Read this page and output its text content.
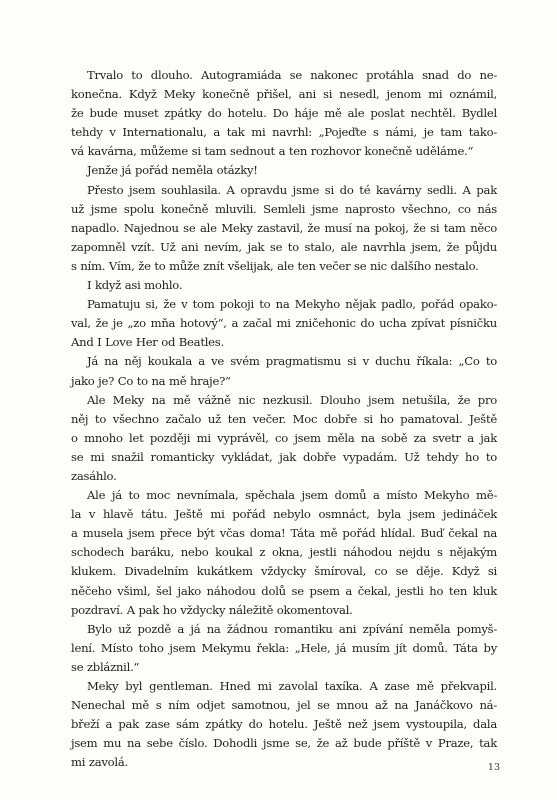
Trvalo to dlouho. Autogramiáda se nakonec protáhla snad do ne-
konečna. Když Meky konečně přišel, ani si nesedl, jenom mi oznámil,
že bude muset zpátky do hotelu. Do háje mě ale poslat nechtěl. Bydlel
tehdy v Internationalu, a tak mi navrhl: „Pojeďte s námi, je tam tako-
vá kavárna, můžeme si tam sednout a ten rozhovor konečně uděláme.“

Jenže já pořád neměla otázky!

Přesto jsem souhlasila. A opravdu jsme si do té kavárny sedli. A pak
už jsme spolu konečně mluvili. Semleli jsme naprosto všechno, co nás
napadlo. Najednou se ale Meky zastavil, že musí na pokoj, že si tam něco
zapomněl vzít. Už ani nevím, jak se to stalo, ale navrhla jsem, že půjdu
s ním. Vím, že to může znít všelijak, ale ten večer se nic dalšího nestalo.

I když asi mohlo.

Pamatuju si, že v tom pokoji to na Mekyho nějak padlo, pořád opako-
val, že je „zo mňa hotový“, a začal mi zničehonic do ucha zpívat písničku
And I Love Her od Beatles.

Já na něj koukala a ve svém pragmatismu si v duchu říkala: „Co to
jako je? Co to na mě hraje?“

Ale Meky na mě vážně nic nezkusil. Dlouho jsem netušila, že pro
něj to všechno začalo už ten večer. Moc dobře si ho pamatoval. Ještě
o mnoho let později mi vyprávěl, co jsem měla na sobě za svetr a jak
se mi snažil romanticky vykládat, jak dobře vypadám. Už tehdy ho to
zasáhlo.

Ale já to moc nevnímala, spěchala jsem domů a místo Mekyho mě-
la v hlavě tátu. Ještě mi pořád nebylo osmnáct, byla jsem jedináček
a musela jsem přece být včas doma! Táta mě pořád hlídal. Buď čekal na
schodech baráku, nebo koukal z okna, jestli náhodou nejdu s nějakým
klukem. Divadelním kukátkem vždycky šmíroval, co se děje. Když si
něčeho všiml, šel jako náhodou dolů se psem a čekal, jestli ho ten kluk
pozdraví. A pak ho vždycky náležitě okomentoval.

Bylo už pozdě a já na žádnou romantiku ani zpívání neměla pomyš-
lení. Místo toho jsem Mekymu řekla: „Hele, já musím jít domů. Táta by
se zbláznil.“

Meky byl gentleman. Hned mi zavolal taxíka. A zase mě překvapil.
Nenechal mě s ním odjet samotnou, jel se mnou až na Janáčkovo ná-
břeží a pak zase sám zpátky do hotelu. Ještě než jsem vystoupila, dala
jsem mu na sebe číslo. Dohodli jsme se, že až bude příště v Praze, tak
mi zavolá.	13
